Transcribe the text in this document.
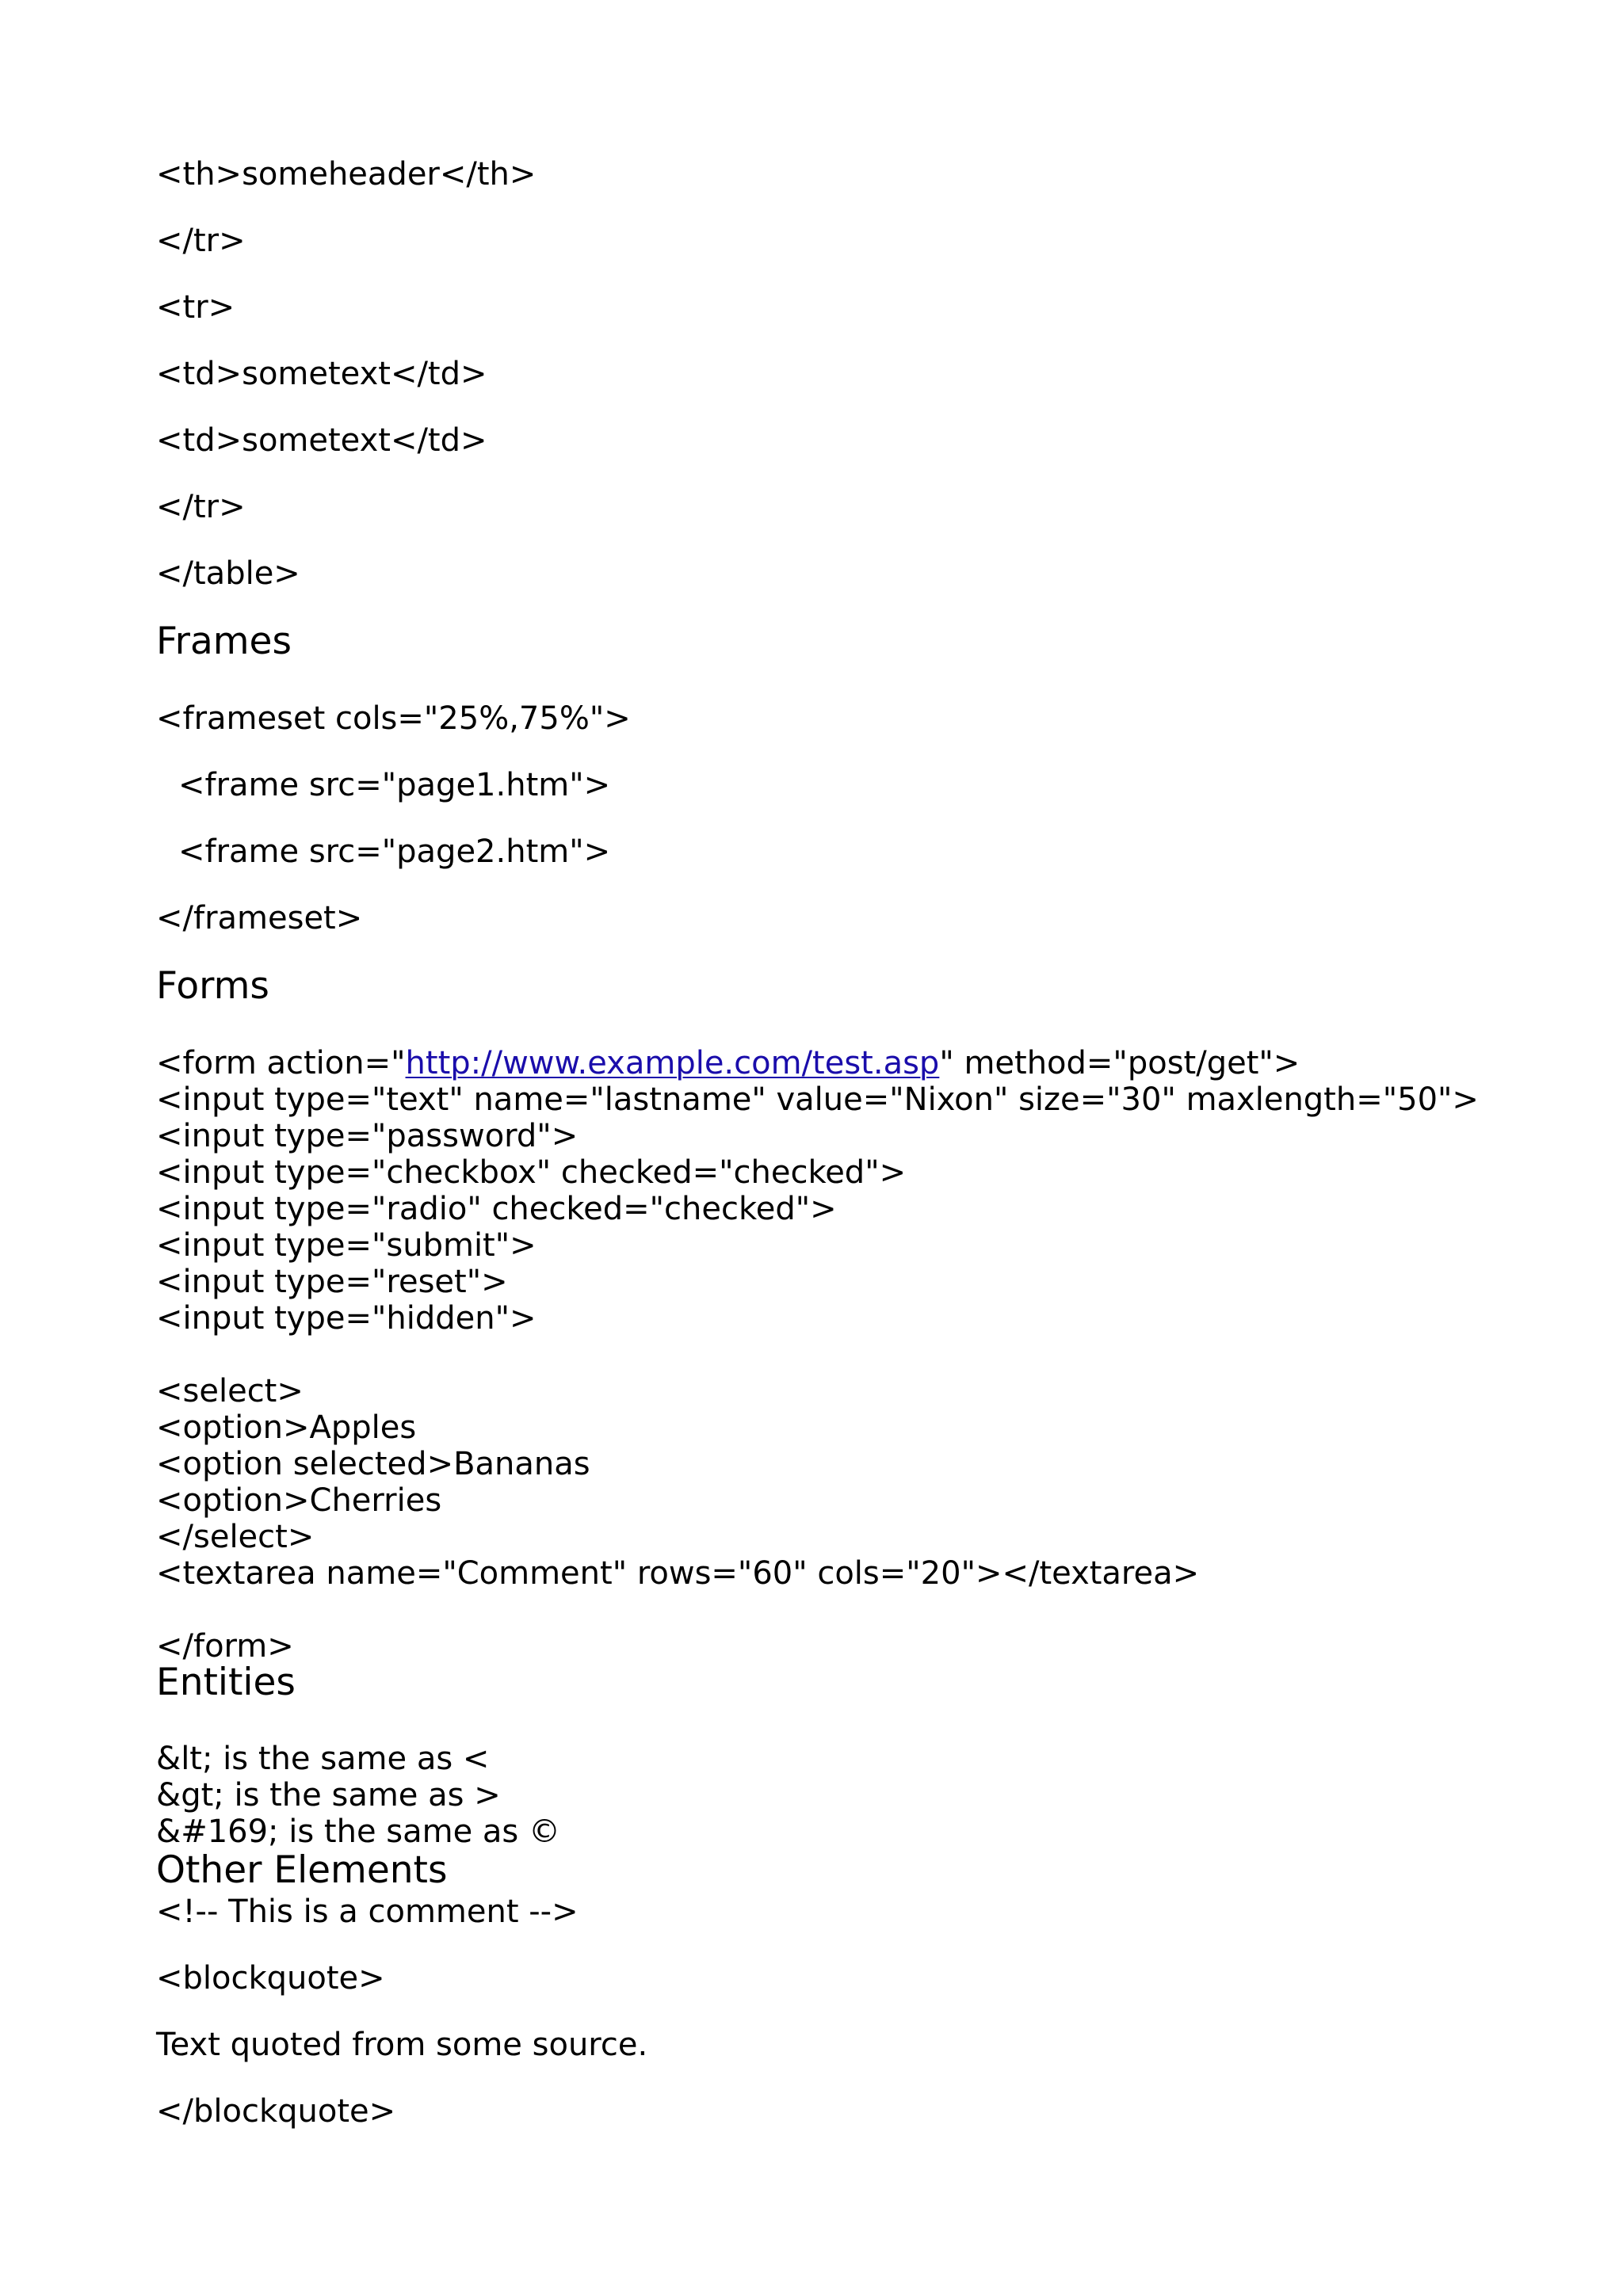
<th>someheader</th>
</tr>
<tr>
<td>sometext</td>
<td>sometext</td>
</tr>
</table>
Frames
<frameset cols="25%,75%">
<frame src="page1.htm">
<frame src="page2.htm">
</frameset>
Forms
<form action="http://www.example.com/test.asp" method="post/get">
<input type="text" name="lastname" value="Nixon" size="30" maxlength="50">
<input type="password">
<input type="checkbox" checked="checked">
<input type="radio" checked="checked">
<input type="submit">
<input type="reset">
<input type="hidden">
<select>
<option>Apples
<option selected>Bananas
<option>Cherries
</select>
<textarea name="Comment" rows="60" cols="20"></textarea>
</form>
Entities
&lt; is the same as <
&gt; is the same as >
&#169; is the same as ©
Other Elements
<!-- This is a comment -->
<blockquote>
Text quoted from some source.
</blockquote>
